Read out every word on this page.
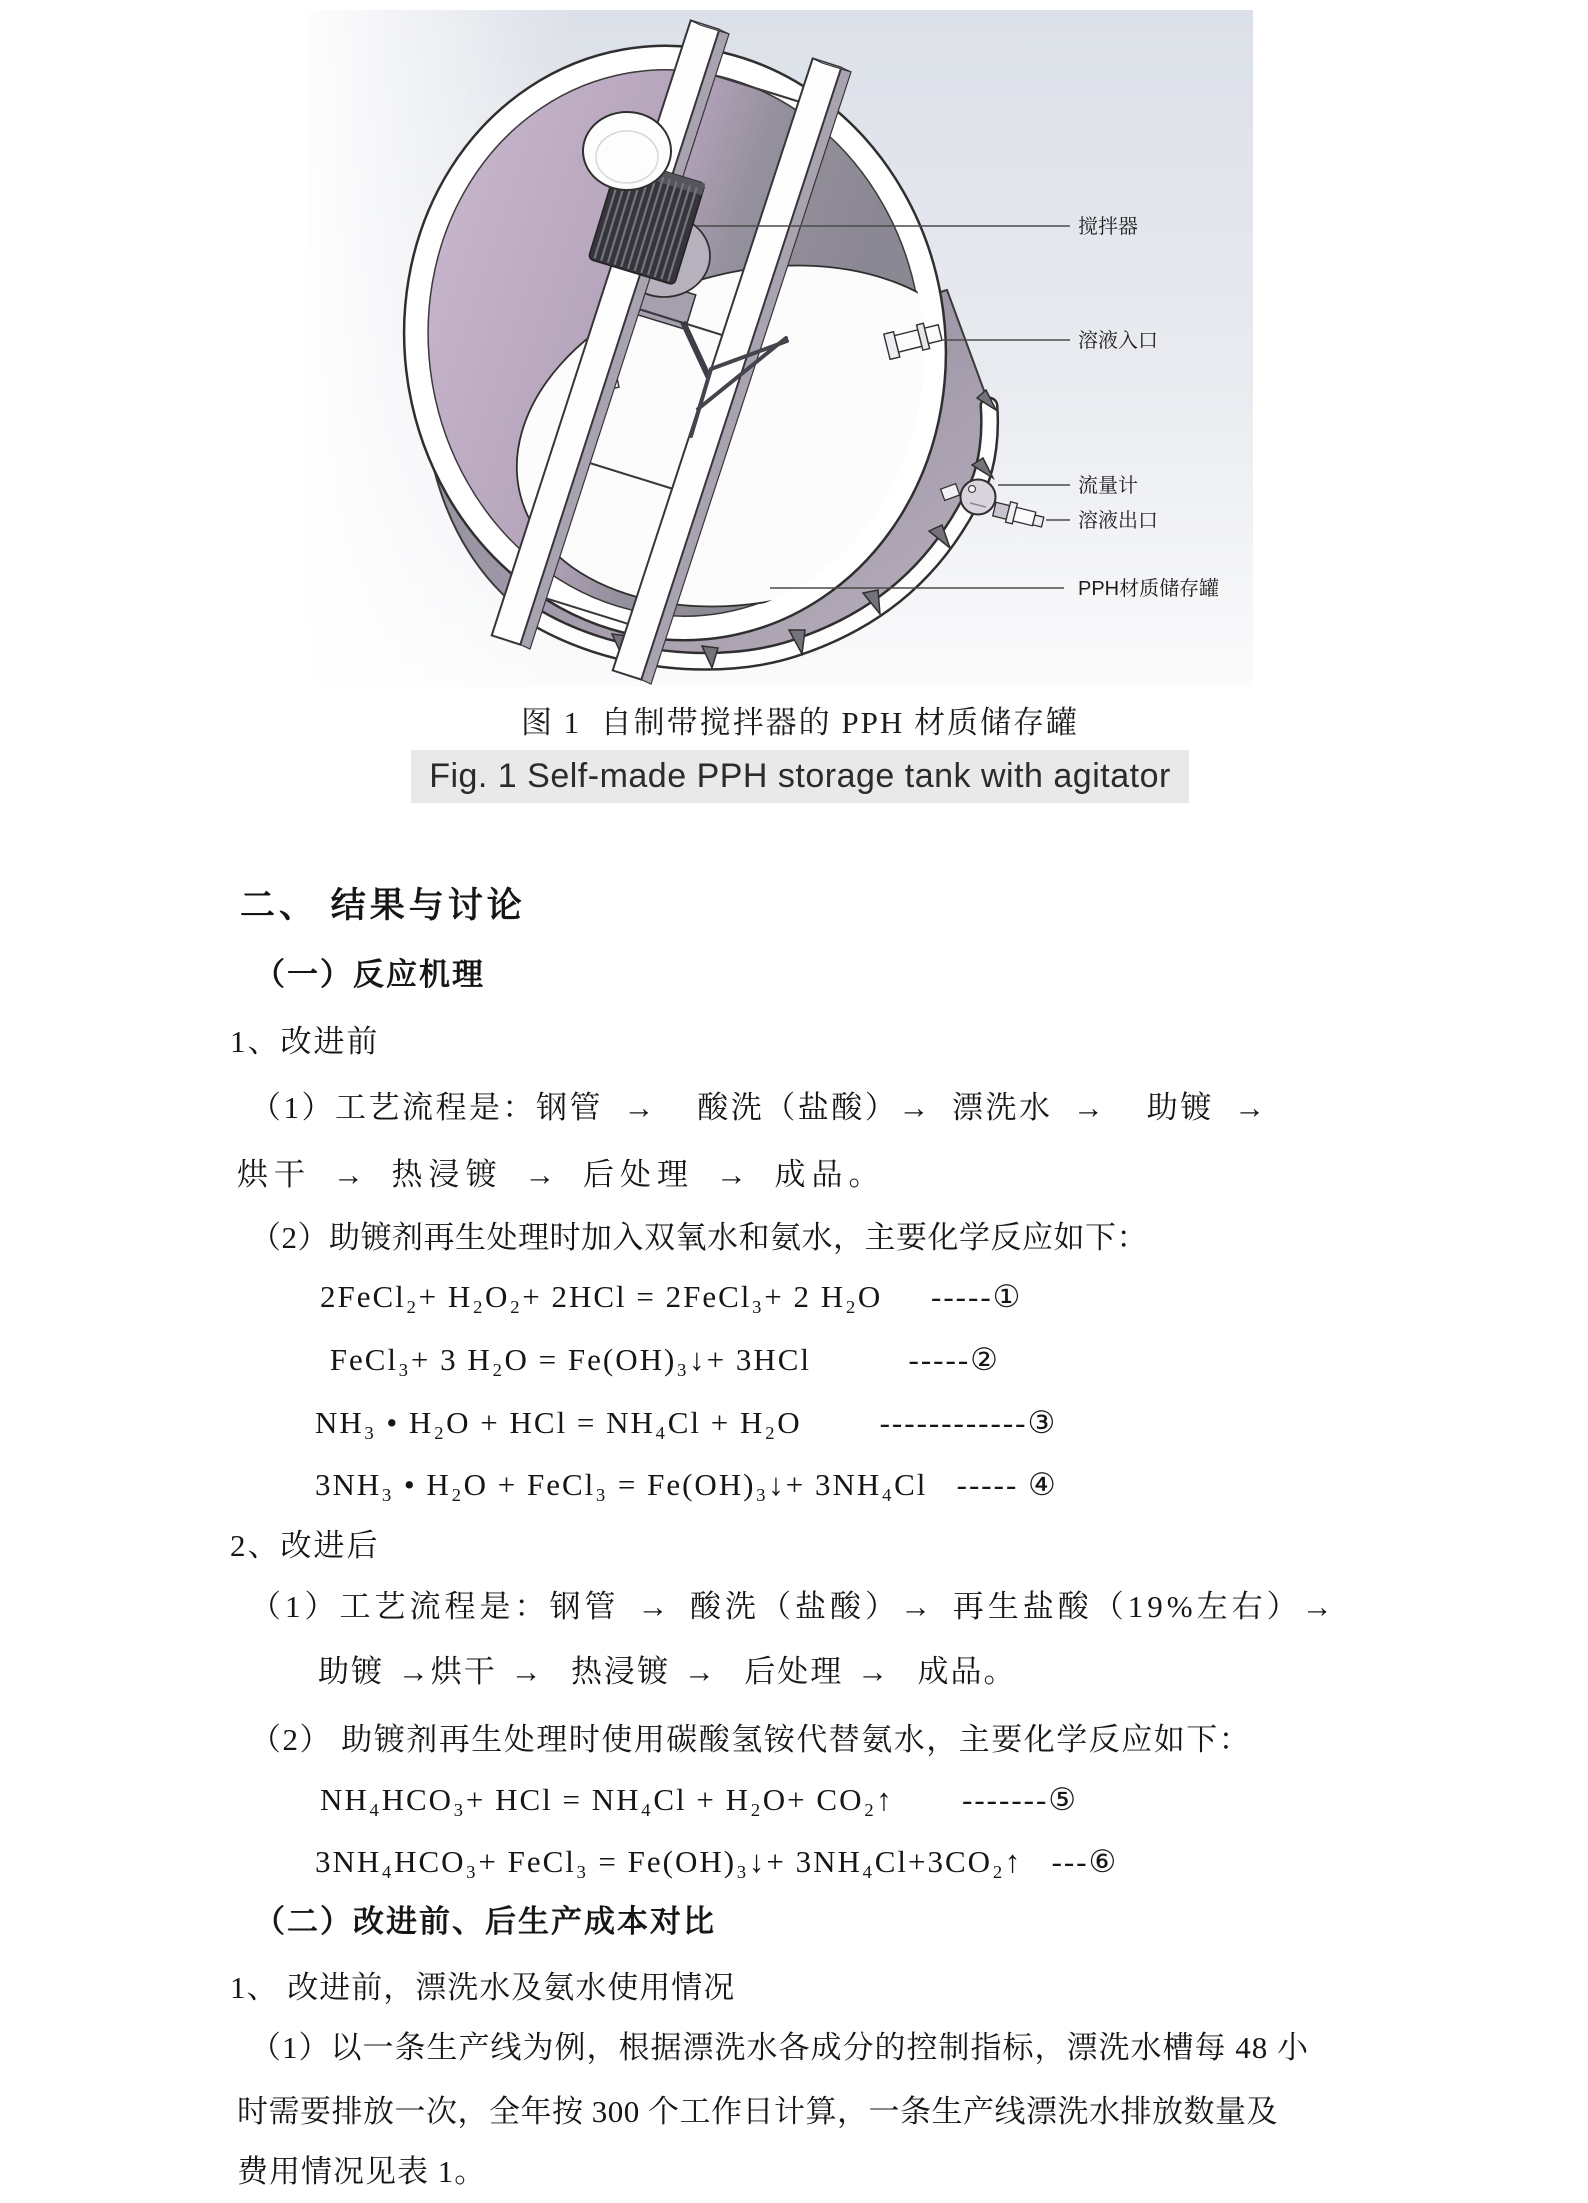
搅拌器
溶液入口
流量计
溶液出口
PPH材质储存罐
图 1  自制带搅拌器的 PPH 材质储存罐
Fig. 1 Self-made PPH storage tank with agitator
二、 结果与讨论
（一）反应机理
1、改进前
（1）工艺流程是：钢管 →  酸洗（盐酸）→ 漂洗水 →  助镀 →
烘干 → 热浸镀 → 后处理 → 成品。
（2）助镀剂再生处理时加入双氧水和氨水，主要化学反应如下：
2FeCl₂+ H₂O₂+ 2HCl = 2FeCl₃+ 2 H₂O     -----①
FeCl₃+ 3 H₂O = Fe(OH)₃↓+ 3HCl          -----②
NH₃ • H₂O + HCl = NH₄Cl + H₂O        ------------③
3NH₃ • H₂O + FeCl₃ = Fe(OH)₃↓+ 3NH₄Cl   ----- ④
2、改进后
（1）工艺流程是：钢管 → 酸洗（盐酸）→ 再生盐酸（19%左右）→
助镀 →烘干 →  热浸镀 →  后处理 →  成品。
（2） 助镀剂再生处理时使用碳酸氢铵代替氨水，主要化学反应如下：
NH₄HCO₃+ HCl = NH₄Cl + H₂O+ CO₂↑       -------⑤
3NH₄HCO₃+ FeCl₃ = Fe(OH)₃↓+ 3NH₄Cl+3CO₂↑   ---⑥
（二）改进前、后生产成本对比
1、 改进前，漂洗水及氨水使用情况
（1）以一条生产线为例，根据漂洗水各成分的控制指标，漂洗水槽每 48 小
时需要排放一次，全年按 300 个工作日计算，一条生产线漂洗水排放数量及
费用情况见表 1。
